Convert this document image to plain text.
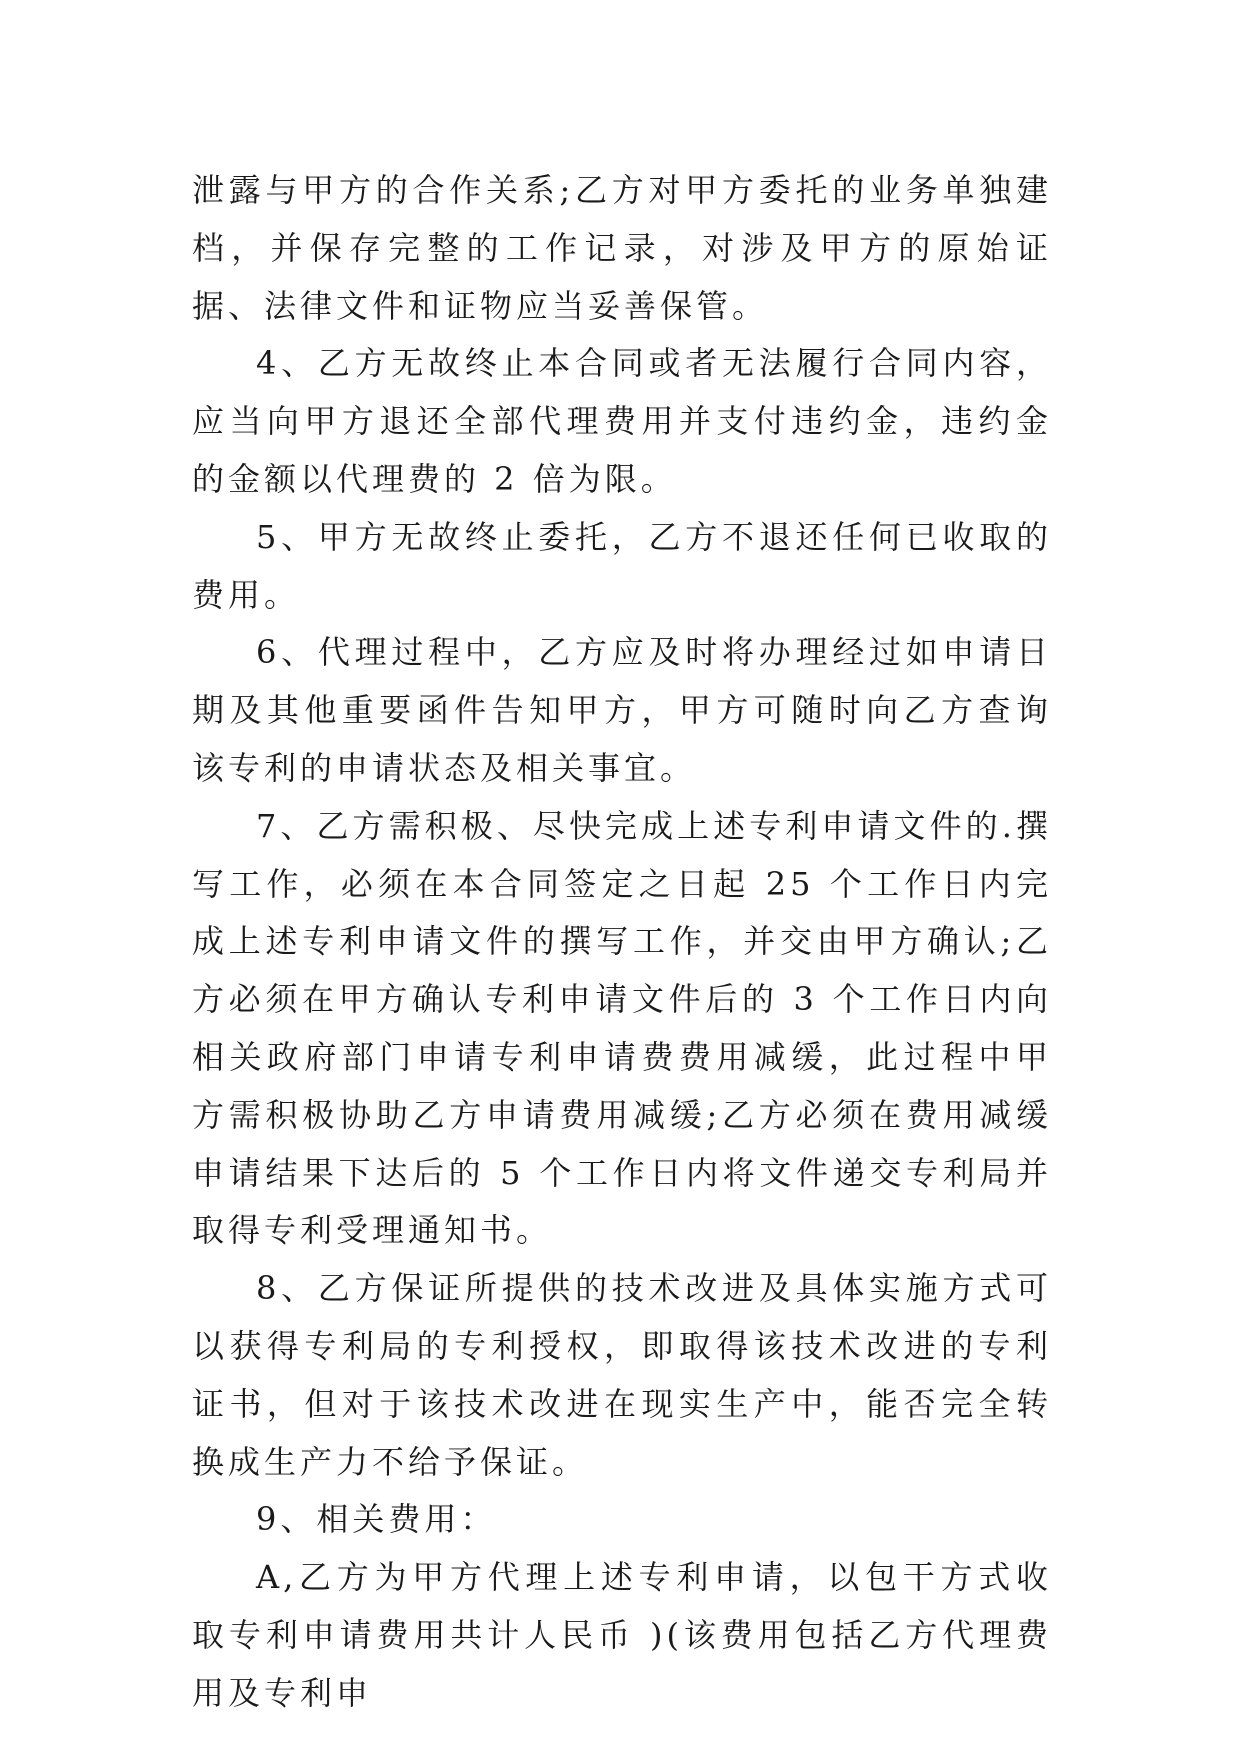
泄露与甲方的合作关系;乙方对甲方委托的业务单独建档，并保存完整的工作记录，对涉及甲方的原始证据、法律文件和证物应当妥善保管。

4、乙方无故终止本合同或者无法履行合同内容，应当向甲方退还全部代理费用并支付违约金，违约金的金额以代理费的 2 倍为限。

5、甲方无故终止委托，乙方不退还任何已收取的费用。

6、代理过程中，乙方应及时将办理经过如申请日期及其他重要函件告知甲方，甲方可随时向乙方查询该专利的申请状态及相关事宜。

7、乙方需积极、尽快完成上述专利申请文件的.撰写工作，必须在本合同签定之日起 25 个工作日内完成上述专利申请文件的撰写工作，并交由甲方确认;乙方必须在甲方确认专利申请文件后的 3 个工作日内向相关政府部门申请专利申请费费用减缓，此过程中甲方需积极协助乙方申请费用减缓;乙方必须在费用减缓申请结果下达后的 5 个工作日内将文件递交专利局并取得专利受理通知书。

8、乙方保证所提供的技术改进及具体实施方式可以获得专利局的专利授权，即取得该技术改进的专利证书，但对于该技术改进在现实生产中，能否完全转换成生产力不给予保证。

9、相关费用：

A,乙方为甲方代理上述专利申请，以包干方式收取专利申请费用共计人民币 )(该费用包括乙方代理费用及专利申
